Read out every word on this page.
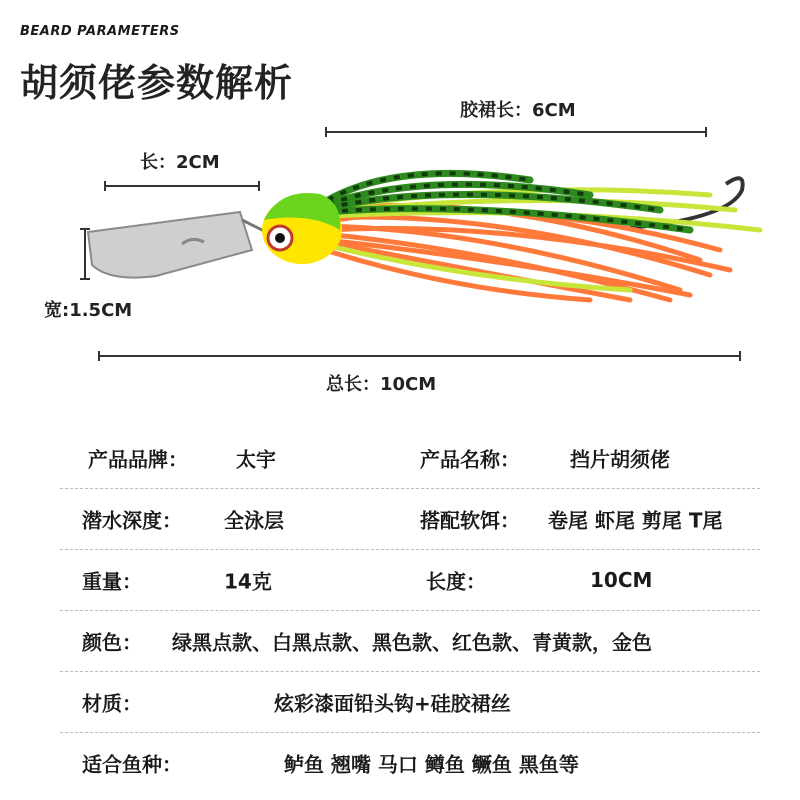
BEARD PARAMETERS
胡须佬参数解析
胶裙长：6CM
长：2CM
宽:1.5CM
总长：10CM
产品品牌： 太宇	产品名称：	挡片胡须佬
潜水深度： 全泳层	搭配软饵： 卷尾 虾尾 剪尾 T尾
重量：	14克	长度：	10CM
颜色： 绿黑点款、白黑点款、黑色款、红色款、青黄款，金色
材质：	炫彩漆面铅头钩+硅胶裙丝
适合鱼种：	鲈鱼 翘嘴 马口 鳟鱼 鳜鱼 黑鱼等
